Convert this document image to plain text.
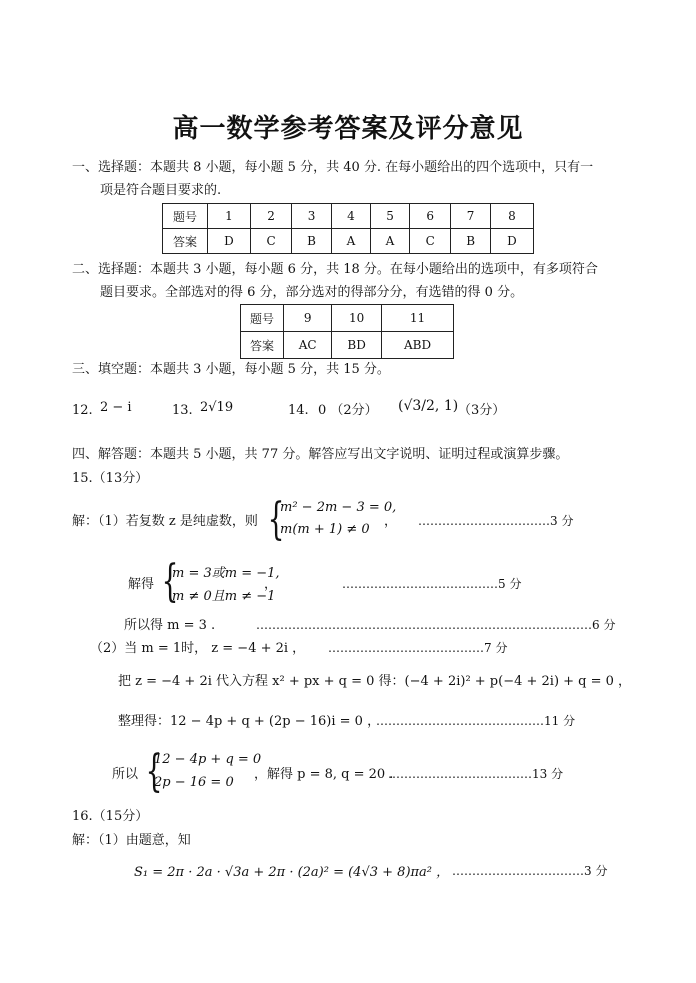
高一数学参考答案及评分意见
一、选择题：本题共 8 小题，每小题 5 分，共 40 分. 在每小题给出的四个选项中，只有一
项是符合题目要求的.
题号	1	2	3	4	5	6	7	8
答案	D	C	B	A	A	C	B	D
二、选择题：本题共 3 小题，每小题 6 分，共 18 分。在每小题给出的选项中，有多项符合
题目要求。全部选对的得 6 分，部分选对的得部分分，有选错的得 0 分。
题号	9	10	11
答案	AC	BD	ABD
三、填空题：本题共 3 小题，每小题 5 分，共 15 分。
12. 2 − i	13. 2√19	14. 0 （2分） (√3/2, 1) （3分）
四、解答题：本题共 5 小题，共 77 分。解答应写出文字说明、证明过程或演算步骤。
15.（13分）
解：（1）若复数 z 是纯虚数，则 {
m² − 2m − 3 = 0,
m(m + 1) ≠ 0
， ……………………………3 分
解得 {
m = 3或m = −1,
m ≠ 0且m ≠ −1
，	…………………………………5 分
所以得 m = 3 .	…………………………………………………………………………6 分
（2）当 m = 1时， z = −4 + 2i ， …………………………………7 分
把 z = −4 + 2i 代入方程 x² + px + q = 0 得：(−4 + 2i)² + p(−4 + 2i) + q = 0 ，
整理得：12 − 4p + q + (2p − 16)i = 0 ，
……………………………………11 分
所以 {
12 − 4p + q = 0
2p − 16 = 0
，解得 p = 8, q = 20 .
………………………………13 分
16.（15分）
解：（1）由题意，知
S₁ = 2π · 2a · √3a + 2π · (2a)² = (4√3 + 8)πa² ， ……………………………3 分
